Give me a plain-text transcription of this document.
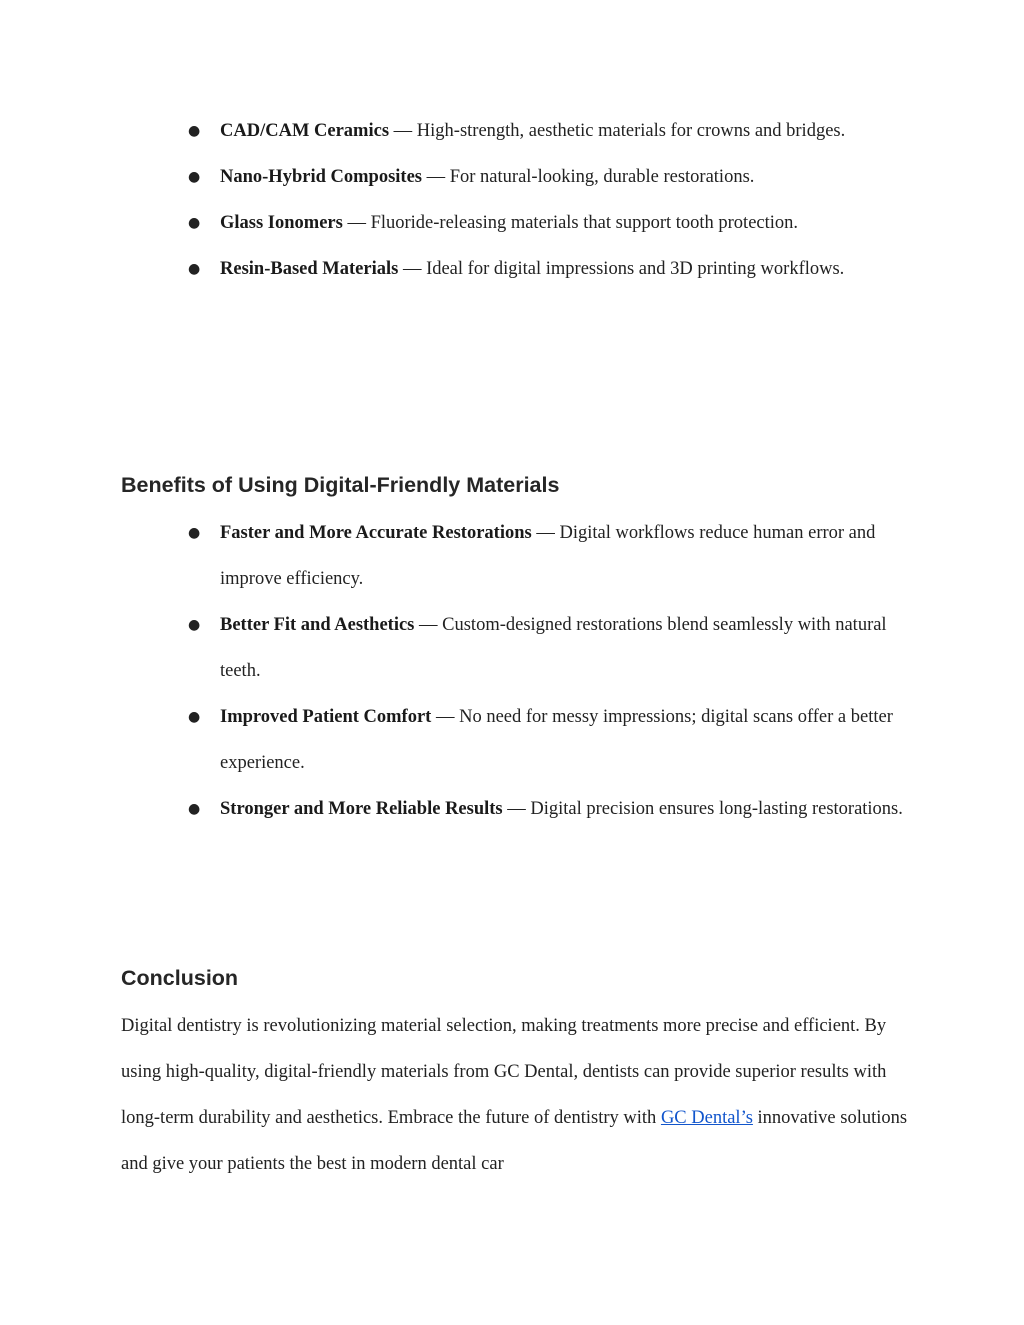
● CAD/CAM Ceramics — High-strength, aesthetic materials for crowns and bridges.
● Nano-Hybrid Composites — For natural-looking, durable restorations.
● Glass Ionomers — Fluoride-releasing materials that support tooth protection.
● Resin-Based Materials — Ideal for digital impressions and 3D printing workflows.
Benefits of Using Digital-Friendly Materials
● Faster and More Accurate Restorations — Digital workflows reduce human error and improve efficiency.
● Better Fit and Aesthetics — Custom-designed restorations blend seamlessly with natural teeth.
● Improved Patient Comfort — No need for messy impressions; digital scans offer a better experience.
● Stronger and More Reliable Results — Digital precision ensures long-lasting restorations.
Conclusion

Digital dentistry is revolutionizing material selection, making treatments more precise and efficient. By using high-quality, digital-friendly materials from GC Dental, dentists can provide superior results with long-term durability and aesthetics. Embrace the future of dentistry with GC Dental’s innovative solutions and give your patients the best in modern dental car
